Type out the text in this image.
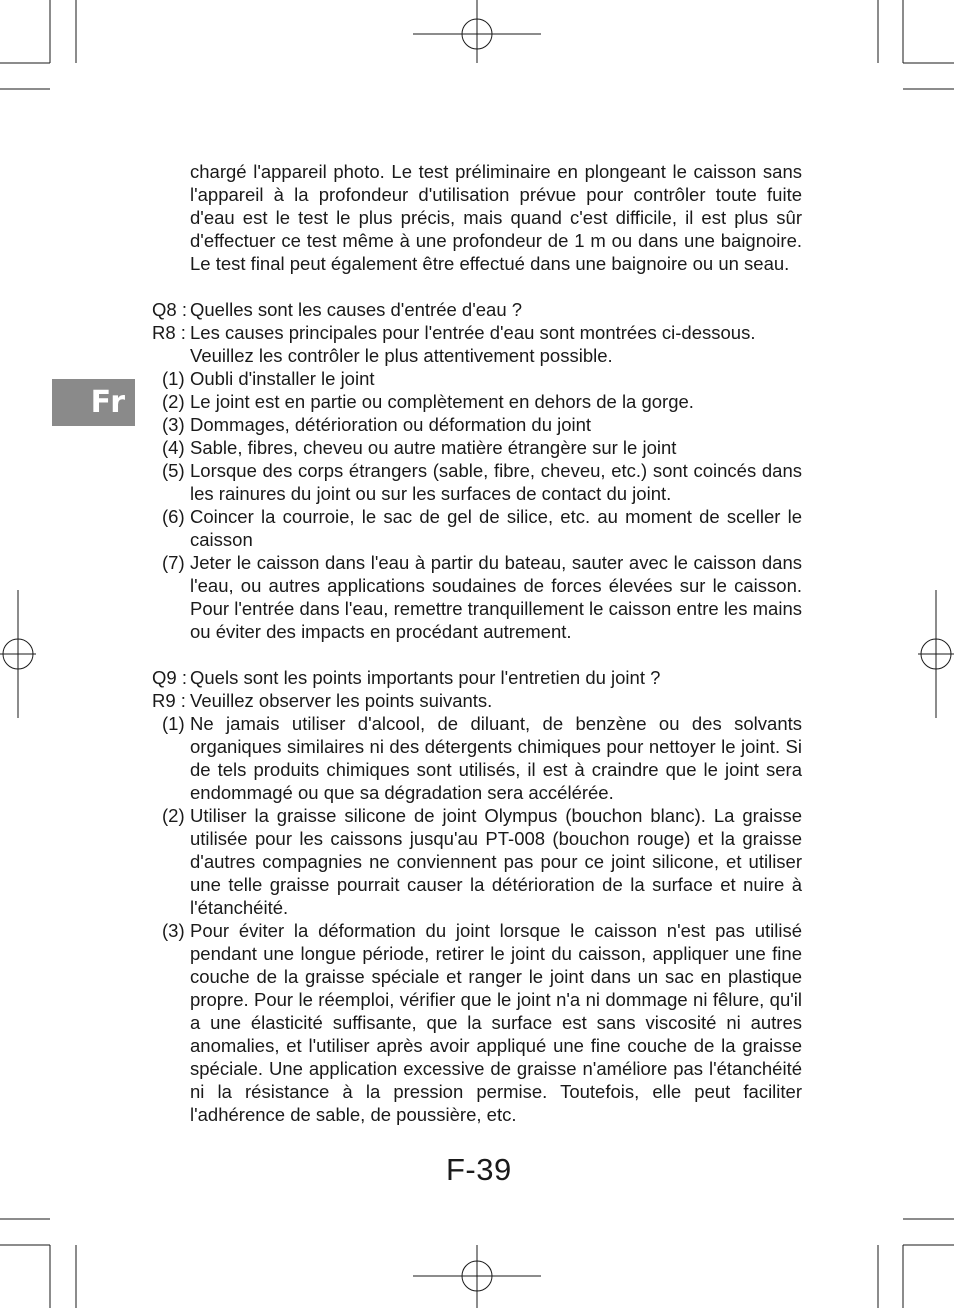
Fr

chargé l'appareil photo. Le test préliminaire en plongeant le caisson sans l'appareil à la profondeur d'utilisation prévue pour contrôler toute fuite d'eau est le test le plus précis, mais quand c'est difficile, il est plus sûr d'effectuer ce test même à une profondeur de 1 m ou dans une baignoire. Le test final peut également être effectué dans une baignoire ou un seau.

Q8 : Quelles sont les causes d'entrée d'eau ?

R8 : Les causes principales pour l'entrée d'eau sont montrées ci-dessous. Veuillez les contrôler le plus attentivement possible.

(1) Oubli d'installer le joint

(2) Le joint est en partie ou complètement en dehors de la gorge.

(3) Dommages, détérioration ou déformation du joint

(4) Sable, fibres, cheveu ou autre matière étrangère sur le joint

(5) Lorsque des corps étrangers (sable, fibre, cheveu, etc.) sont coincés dans les rainures du joint ou sur les surfaces de contact du joint.

(6) Coincer la courroie, le sac de gel de silice, etc. au moment de sceller le caisson

(7) Jeter le caisson dans l'eau à partir du bateau, sauter avec le caisson dans l'eau, ou autres applications soudaines de forces élevées sur le caisson. Pour l'entrée dans l'eau, remettre tranquillement le caisson entre les mains ou éviter des impacts en procédant autrement.

Q9 : Quels sont les points importants pour l'entretien du joint ?

R9 : Veuillez observer les points suivants.

(1) Ne jamais utiliser d'alcool, de diluant, de benzène ou des solvants organiques similaires ni des détergents chimiques pour nettoyer le joint. Si de tels produits chimiques sont utilisés, il est à craindre que le joint sera endommagé ou que sa dégradation sera accélérée.

(2) Utiliser la graisse silicone de joint Olympus (bouchon blanc). La graisse utilisée pour les caissons jusqu'au PT-008 (bouchon rouge) et la graisse d'autres compagnies ne conviennent pas pour ce joint silicone, et utiliser une telle graisse pourrait causer la détérioration de la surface et nuire à l'étanchéité.

(3) Pour éviter la déformation du joint lorsque le caisson n'est pas utilisé pendant une longue période, retirer le joint du caisson, appliquer une fine couche de la graisse spéciale et ranger le joint dans un sac en plastique propre. Pour le réemploi, vérifier que le joint n'a ni dommage ni fêlure, qu'il a une élasticité suffisante, que la surface est sans viscosité ni autres anomalies, et l'utiliser après avoir appliqué une fine couche de la graisse spéciale. Une application excessive de graisse n'améliore pas l'étanchéité ni la résistance à la pression permise. Toutefois, elle peut faciliter l'adhérence de sable, de poussière, etc.

F-39
